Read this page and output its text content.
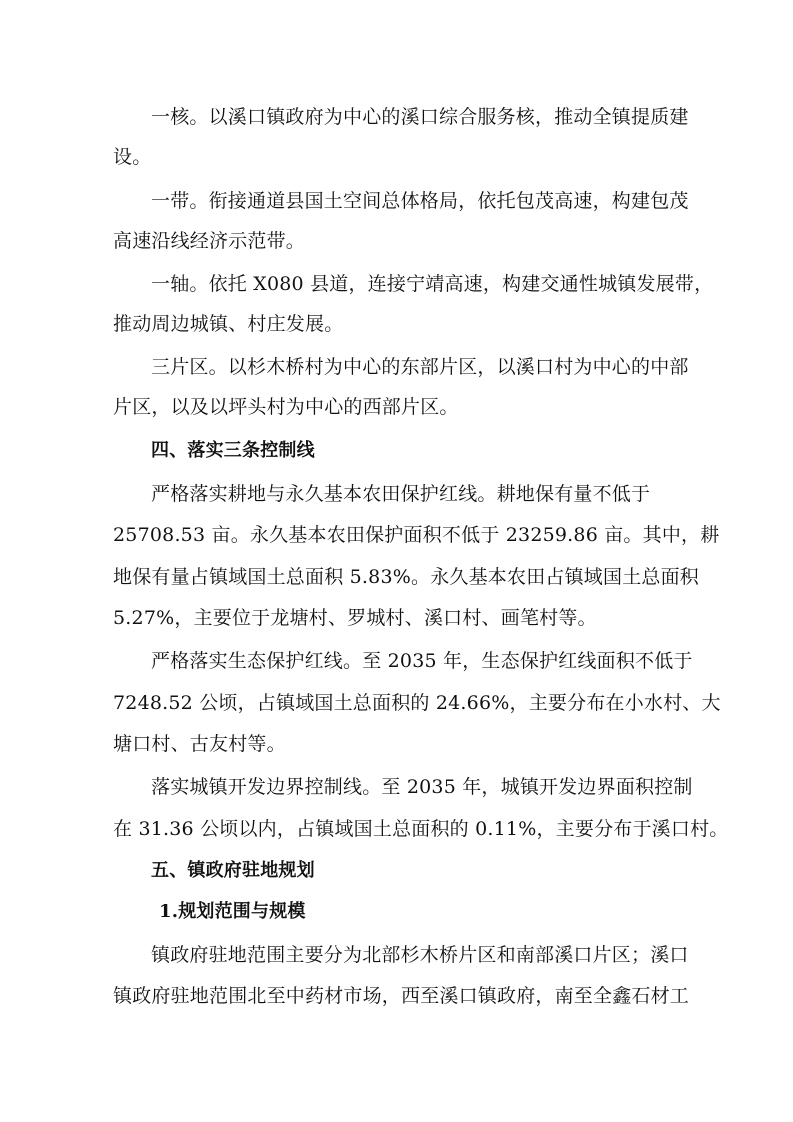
一核。以溪口镇政府为中心的溪口综合服务核，推动全镇提质建
设。
一带。衔接通道县国土空间总体格局，依托包茂高速，构建包茂
高速沿线经济示范带。
一轴。依托 X080 县道，连接宁靖高速，构建交通性城镇发展带，
推动周边城镇、村庄发展。
三片区。以杉木桥村为中心的东部片区，以溪口村为中心的中部
片区，以及以坪头村为中心的西部片区。
四、落实三条控制线
严格落实耕地与永久基本农田保护红线。耕地保有量不低于
25708.53 亩。永久基本农田保护面积不低于 23259.86 亩。其中，耕
地保有量占镇域国土总面积 5.83%。永久基本农田占镇域国土总面积
5.27%，主要位于龙塘村、罗城村、溪口村、画笔村等。
严格落实生态保护红线。至 2035 年，生态保护红线面积不低于
7248.52 公顷，占镇域国土总面积的 24.66%，主要分布在小水村、大
塘口村、古友村等。
落实城镇开发边界控制线。至 2035 年，城镇开发边界面积控制
在 31.36 公顷以内，占镇域国土总面积的 0.11%，主要分布于溪口村。
五、镇政府驻地规划
1.规划范围与规模
镇政府驻地范围主要分为北部杉木桥片区和南部溪口片区；溪口
镇政府驻地范围北至中药材市场，西至溪口镇政府，南至全鑫石材工
